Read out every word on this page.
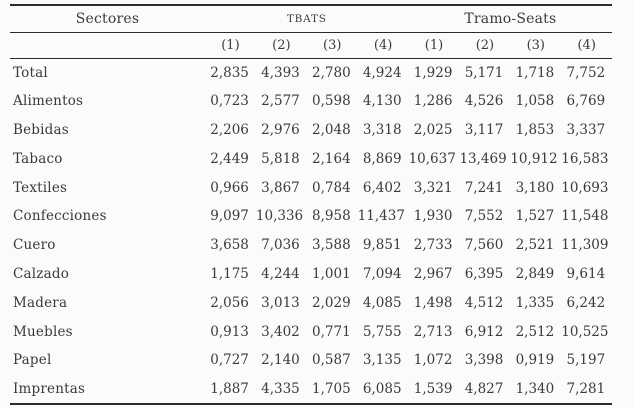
Sectores	TBATS				Tramo-Seats			
	(1)	(2)	(3)	(4)	(1)	(2)	(3)	(4)
Total	2,835	4,393	2,780	4,924	1,929	5,171	1,718	7,752
Alimentos	0,723	2,577	0,598	4,130	1,286	4,526	1,058	6,769
Bebidas	2,206	2,976	2,048	3,318	2,025	3,117	1,853	3,337
Tabaco	2,449	5,818	2,164	8,869	10,637	13,469	10,912	16,583
Textiles	0,966	3,867	0,784	6,402	3,321	7,241	3,180	10,693
Confecciones	9,097	10,336	8,958	11,437	1,930	7,552	1,527	11,548
Cuero	3,658	7,036	3,588	9,851	2,733	7,560	2,521	11,309
Calzado	1,175	4,244	1,001	7,094	2,967	6,395	2,849	9,614
Madera	2,056	3,013	2,029	4,085	1,498	4,512	1,335	6,242
Muebles	0,913	3,402	0,771	5,755	2,713	6,912	2,512	10,525
Papel	0,727	2,140	0,587	3,135	1,072	3,398	0,919	5,197
Imprentas	1,887	4,335	1,705	6,085	1,539	4,827	1,340	7,281
